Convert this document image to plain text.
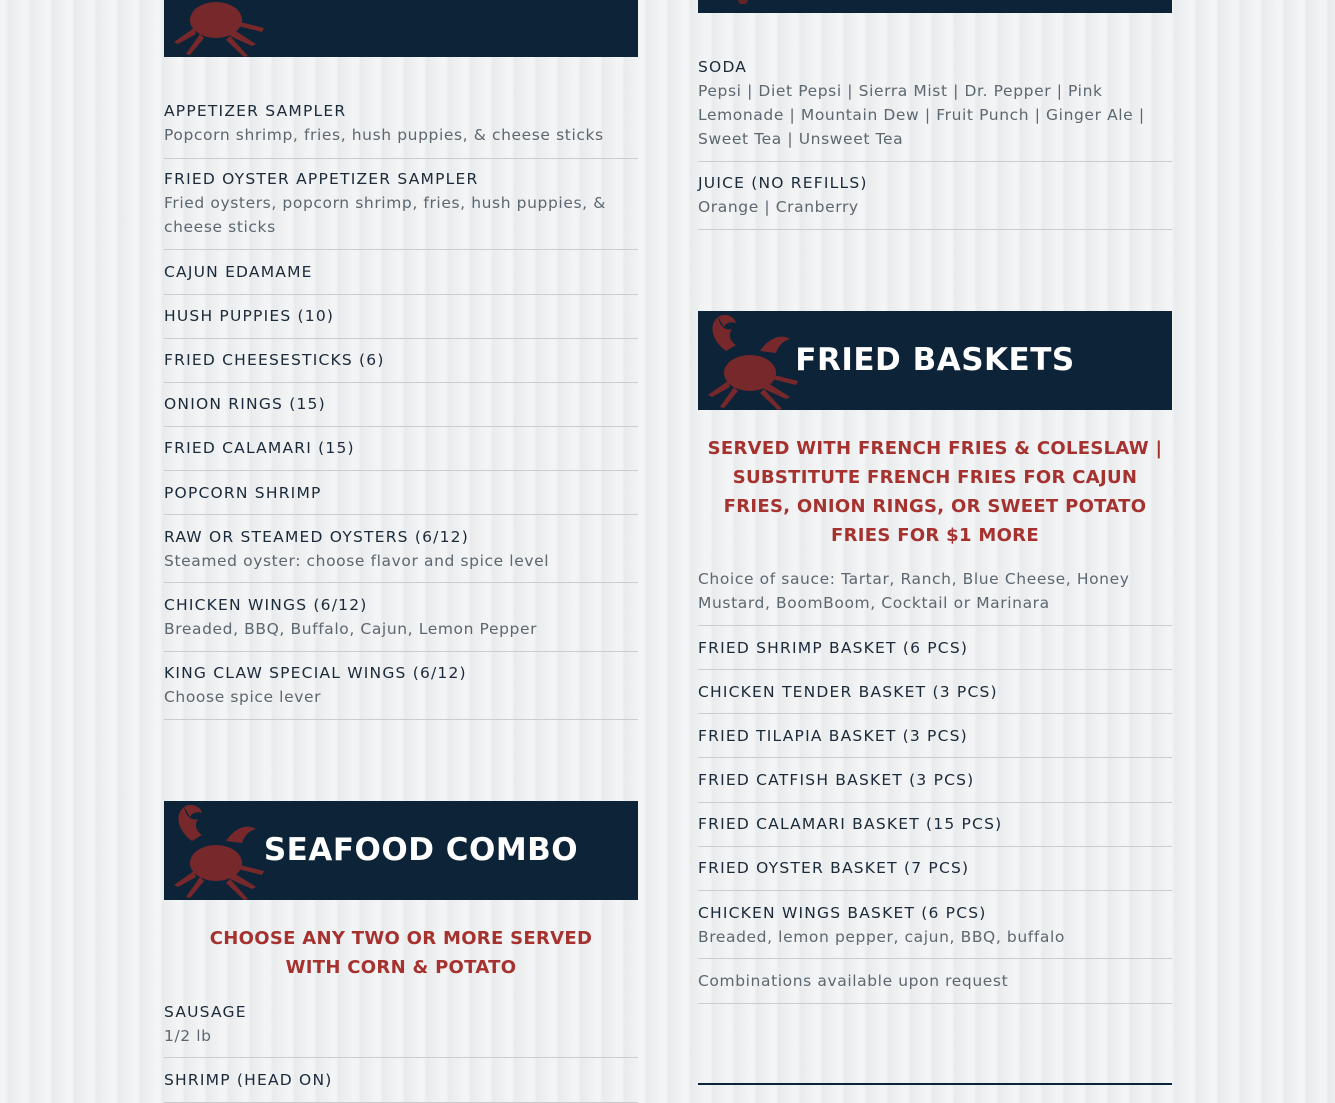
APPETIZER SAMPLER
Popcorn shrimp, fries, hush puppies, & cheese sticks
FRIED OYSTER APPETIZER SAMPLER
Fried oysters, popcorn shrimp, fries, hush puppies, & cheese sticks
CAJUN EDAMAME
HUSH PUPPIES (10)
FRIED CHEESESTICKS (6)
ONION RINGS (15)
FRIED CALAMARI (15)
POPCORN SHRIMP
RAW OR STEAMED OYSTERS (6/12)
Steamed oyster: choose flavor and spice level
CHICKEN WINGS (6/12)
Breaded, BBQ, Buffalo, Cajun, Lemon Pepper
KING CLAW SPECIAL WINGS (6/12)
Choose spice lever
SEAFOOD COMBO
CHOOSE ANY TWO OR MORE SERVED WITH CORN & POTATO
SAUSAGE
1/2 lb
SHRIMP (HEAD ON)
SODA
Pepsi | Diet Pepsi | Sierra Mist | Dr. Pepper | Pink Lemonade | Mountain Dew | Fruit Punch | Ginger Ale | Sweet Tea | Unsweet Tea
JUICE (NO REFILLS)
Orange | Cranberry
FRIED BASKETS
SERVED WITH FRENCH FRIES & COLESLAW | SUBSTITUTE FRENCH FRIES FOR CAJUN FRIES, ONION RINGS, OR SWEET POTATO FRIES FOR $1 MORE
Choice of sauce: Tartar, Ranch, Blue Cheese, Honey Mustard, BoomBoom, Cocktail or Marinara
FRIED SHRIMP BASKET (6 PCS)
CHICKEN TENDER BASKET (3 PCS)
FRIED TILAPIA BASKET (3 PCS)
FRIED CATFISH BASKET (3 PCS)
FRIED CALAMARI BASKET (15 PCS)
FRIED OYSTER BASKET (7 PCS)
CHICKEN WINGS BASKET (6 PCS)
Breaded, lemon pepper, cajun, BBQ, buffalo
Combinations available upon request
